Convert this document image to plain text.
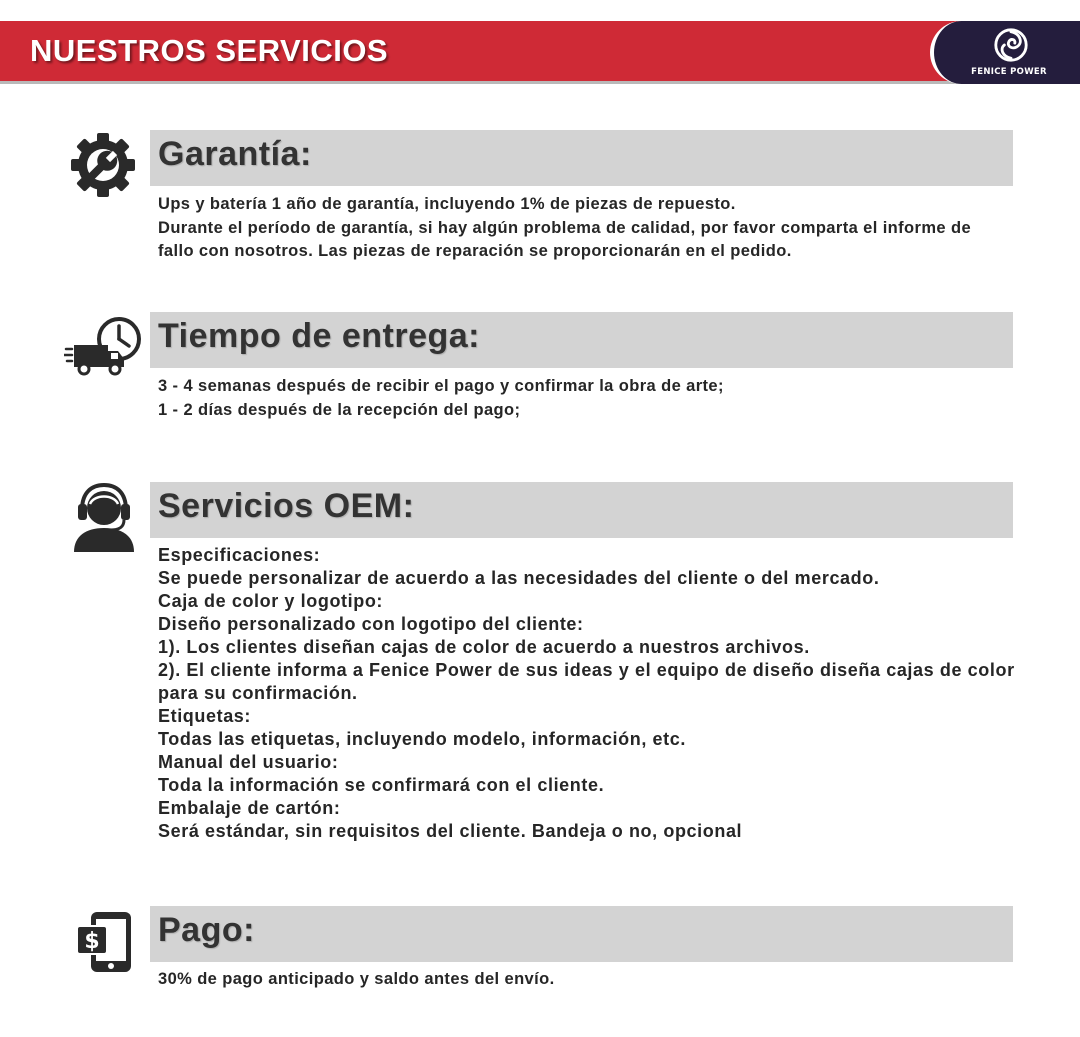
NUESTROS SERVICIOS
FENICE POWER
Garantía:
Ups y batería 1 año de garantía, incluyendo 1% de piezas de repuesto.
Durante el período de garantía, si hay algún problema de calidad, por favor comparta el informe de
fallo con nosotros. Las piezas de reparación se proporcionarán en el pedido.
Tiempo de entrega:
3 - 4 semanas después de recibir el pago y confirmar la obra de arte;
1 - 2 días después de la recepción del pago;
Servicios OEM:
Especificaciones:
Se puede personalizar de acuerdo a las necesidades del cliente o del mercado.
Caja de color y logotipo:
Diseño personalizado con logotipo del cliente:
1). Los clientes diseñan cajas de color de acuerdo a nuestros archivos.
2). El cliente informa a Fenice Power de sus ideas y el equipo de diseño diseña cajas de color
para su confirmación.
Etiquetas:
Todas las etiquetas, incluyendo modelo, información, etc.
Manual del usuario:
Toda la información se confirmará con el cliente.
Embalaje de cartón:
Será estándar, sin requisitos del cliente. Bandeja o no, opcional
$ Pago:
30% de pago anticipado y saldo antes del envío.
